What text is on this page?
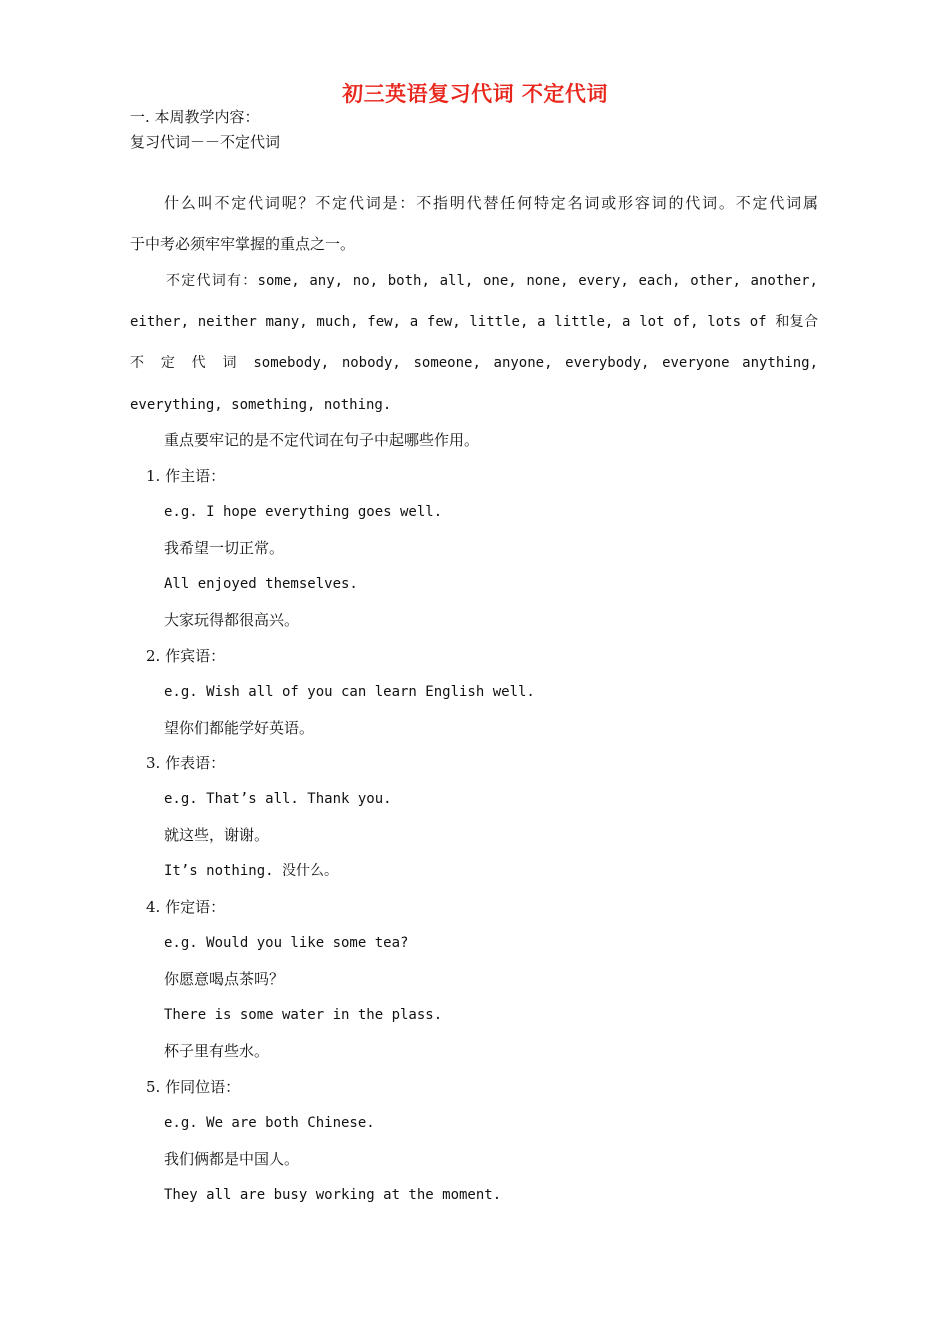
初三英语复习代词 不定代词
一. 本周教学内容：
复习代词－－不定代词
什么叫不定代词呢？不定代词是：不指明代替任何特定名词或形容词的代词。不定代词属
于中考必须牢牢掌握的重点之一。
不定代词有：some, any, no, both, all, one, none, every, each, other, another,
either, neither many, much, few, a few, little, a little, a lot of, lots of 和复合
不 定 代 词 somebody, nobody, someone, anyone, everybody, everyone anything,
everything, something, nothing.
重点要牢记的是不定代词在句子中起哪些作用。
1. 作主语：
e.g. I hope everything goes well.
我希望一切正常。
All enjoyed themselves.
大家玩得都很高兴。
2. 作宾语：
e.g. Wish all of you can learn English well.
望你们都能学好英语。
3. 作表语：
e.g. That’s all. Thank you.
就这些，谢谢。
It’s nothing. 没什么。
4. 作定语：
e.g. Would you like some tea?
你愿意喝点茶吗？
There is some water in the plass.
杯子里有些水。
5. 作同位语：
e.g. We are both Chinese.
我们俩都是中国人。
They all are busy working at the moment.
